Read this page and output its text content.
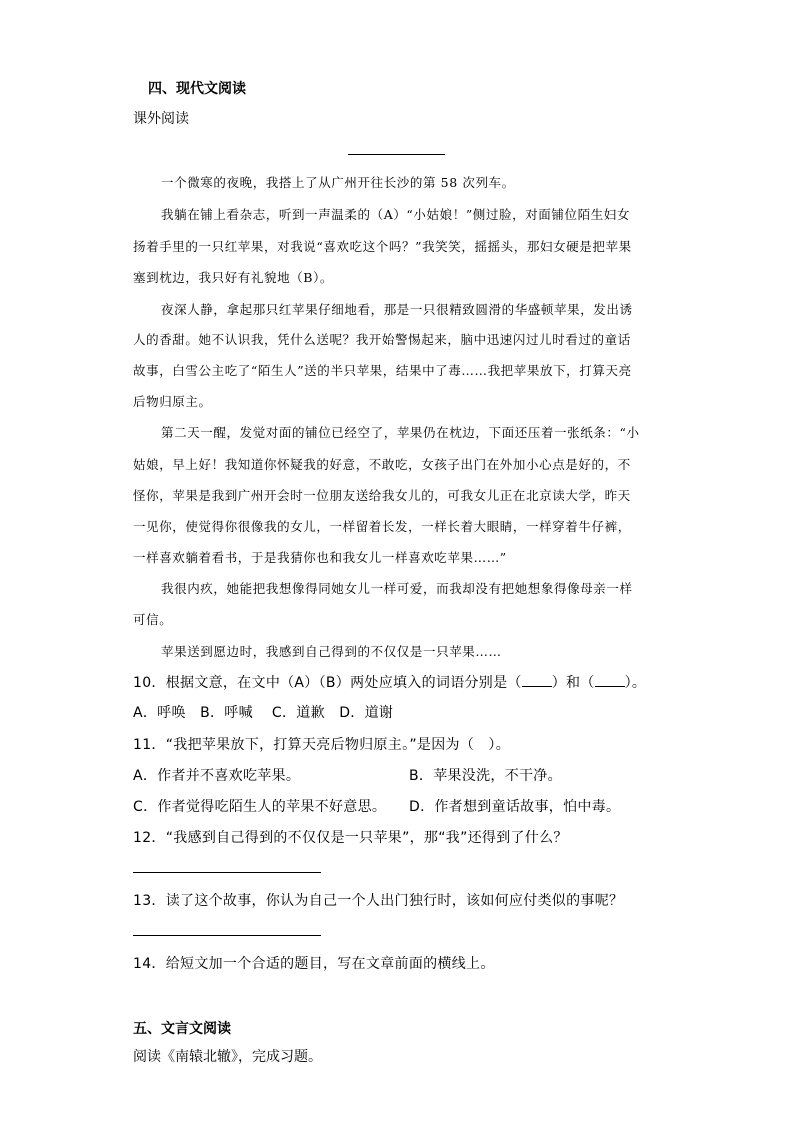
四、现代文阅读
课外阅读
一个微寒的夜晚，我搭上了从广州开往长沙的第 58 次列车。
我躺在铺上看杂志，听到一声温柔的（A）“小姑娘！”侧过脸，对面铺位陌生妇女
扬着手里的一只红苹果，对我说“喜欢吃这个吗？”我笑笑，摇摇头，那妇女硬是把苹果
塞到枕边，我只好有礼貌地（B）。
夜深人静，拿起那只红苹果仔细地看，那是一只很精致圆滑的华盛顿苹果，发出诱
人的香甜。她不认识我，凭什么送呢？我开始警惕起来，脑中迅速闪过儿时看过的童话
故事，白雪公主吃了“陌生人”送的半只苹果，结果中了毒……我把苹果放下，打算天亮
后物归原主。
第二天一醒，发觉对面的铺位已经空了，苹果仍在枕边，下面还压着一张纸条：“小
姑娘，早上好！我知道你怀疑我的好意，不敢吃，女孩子出门在外加小心点是好的，不
怪你，苹果是我到广州开会时一位朋友送给我女儿的，可我女儿正在北京读大学，昨天
一见你，使觉得你很像我的女儿，一样留着长发，一样长着大眼睛，一样穿着牛仔裤，
一样喜欢躺着看书，于是我猜你也和我女儿一样喜欢吃苹果……”
我很内疚，她能把我想像得同她女儿一样可爱，而我却没有把她想象得像母亲一样
可信。
苹果送到愿边时，我感到自己得到的不仅仅是一只苹果……
10．根据文意，在文中（A）（B）两处应填入的词语分别是（ ）和（ ）。
A．呼唤　B．呼喊　 C．道歉　D．道谢
11．“我把苹果放下，打算天亮后物归原主。”是因为（　）。
A．作者并不喜欢吃苹果。	B．苹果没洗，不干净。
C．作者觉得吃陌生人的苹果不好意思。 D．作者想到童话故事，怕中毒。
12．“我感到自己得到的不仅仅是一只苹果”，那“我”还得到了什么？
13．读了这个故事，你认为自己一个人出门独行时，该如何应付类似的事呢？
14．给短文加一个合适的题目，写在文章前面的横线上。
五、文言文阅读
阅读《南辕北辙》，完成习题。
